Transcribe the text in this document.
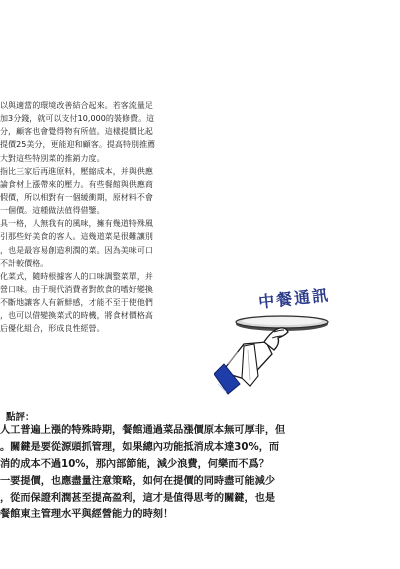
以與適當的環境改善結合起來。若客流量足
加3分錢，就可以支付10,000的裝修費。這
分，顧客也會覺得物有所值。這樣提價比起
提價25美分，更能迎和顧客。提高特別推薦
大對這些特別菜的推銷力度。
指比三家后再進原料，壓縮成本，并與供應
論食材上漲帶來的壓力。有些餐館與供應商
假價，所以相對有一個緩衝期，原材料不會
一個價。這種做法值得借鑒。
具一格，人無我有的風味，擁有幾道特殊風
引那些好美食的客人。這幾道菜是很難讓別
，也是最容易創造利潤的菜。因為美味可口
不計較價格。
化菜式，隨時根據客人的口味調整菜單，并
營口味。由于現代消費者對飲食的嗜好變換
不斷地讓客人有新鮮感，才能不至于使他們
，也可以借變換菜式的時機，將食材價格高
后優化組合，形成良性經營。
中餐通訊
點評：
人工普遍上漲的特殊時期，餐館通過菜品漲價原本無可厚非，但
。關鍵是要從源頭抓管理，如果總內功能抵消成本達30%，而
消的成本不過10%，那內部節能，減少浪費，何樂而不爲？
一要提價，也應盡量注意策略，如何在提價的同時盡可能減少
，從而保證利潤甚至提高盈利，這才是值得思考的關鍵，也是
餐館東主管理水平與經營能力的時刻！
